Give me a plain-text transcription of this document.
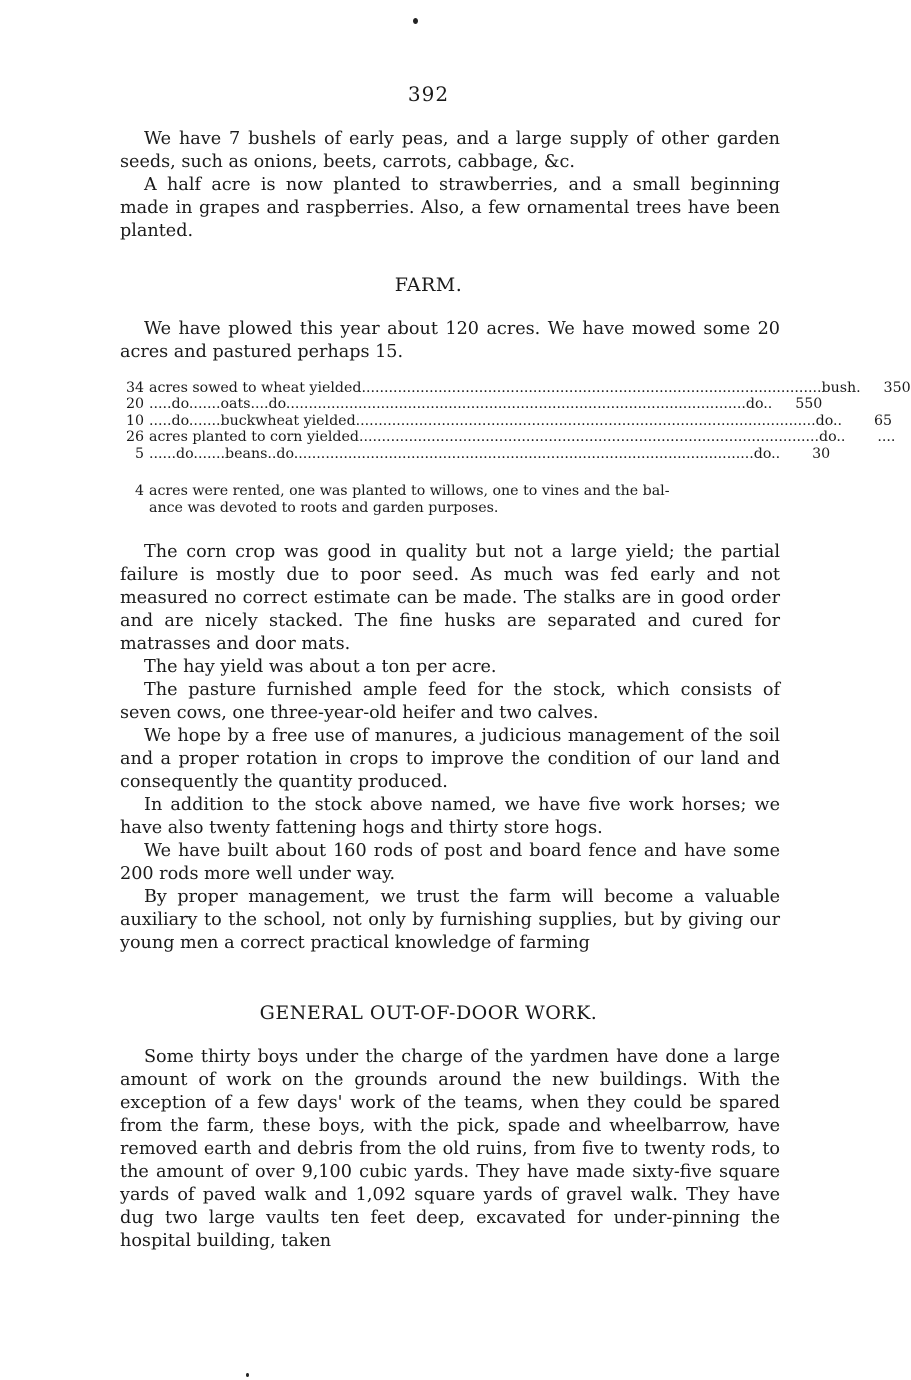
392

We have 7 bushels of early peas, and a large supply of other garden seeds, such as onions, beets, carrots, cabbage, &c.

A half acre is now planted to strawberries, and a small beginning made in grapes and raspberries. Also, a few ornamental trees have been planted.

FARM.

We have plowed this year about 120 acres. We have mowed some 20 acres and pastured perhaps 15.

34 acres sowed to wheat yielded...................................................................................................... bush.	350
20 .....do.......oats....do...................................................................................................... do..	550
10 .....do.......buckwheat yielded...................................................................................................... do..	65
26 acres planted to corn yielded...................................................................................................... do..	....
5 ......do.......beans..do...................................................................................................... do..	30
4 acres were rented, one was planted to willows, one to vines and the bal-
ance was devoted to roots and garden purposes.

The corn crop was good in quality but not a large yield; the partial failure is mostly due to poor seed. As much was fed early and not measured no correct estimate can be made. The stalks are in good order and are nicely stacked. The fine husks are separated and cured for matrasses and door mats.

The hay yield was about a ton per acre.

The pasture furnished ample feed for the stock, which consists of seven cows, one three-year-old heifer and two calves.

We hope by a free use of manures, a judicious management of the soil and a proper rotation in crops to improve the condition of our land and consequently the quantity produced.

In addition to the stock above named, we have five work horses; we have also twenty fattening hogs and thirty store hogs.

We have built about 160 rods of post and board fence and have some 200 rods more well under way.

By proper management, we trust the farm will become a valuable auxiliary to the school, not only by furnishing supplies, but by giving our young men a correct practical knowledge of farming

GENERAL OUT-OF-DOOR WORK.

Some thirty boys under the charge of the yardmen have done a large amount of work on the grounds around the new buildings. With the exception of a few days' work of the teams, when they could be spared from the farm, these boys, with the pick, spade and wheelbarrow, have removed earth and debris from the old ruins, from five to twenty rods, to the amount of over 9,100 cubic yards. They have made sixty-five square yards of paved walk and 1,092 square yards of gravel walk. They have dug two large vaults ten feet deep, excavated for under-pinning the hospital building, taken
